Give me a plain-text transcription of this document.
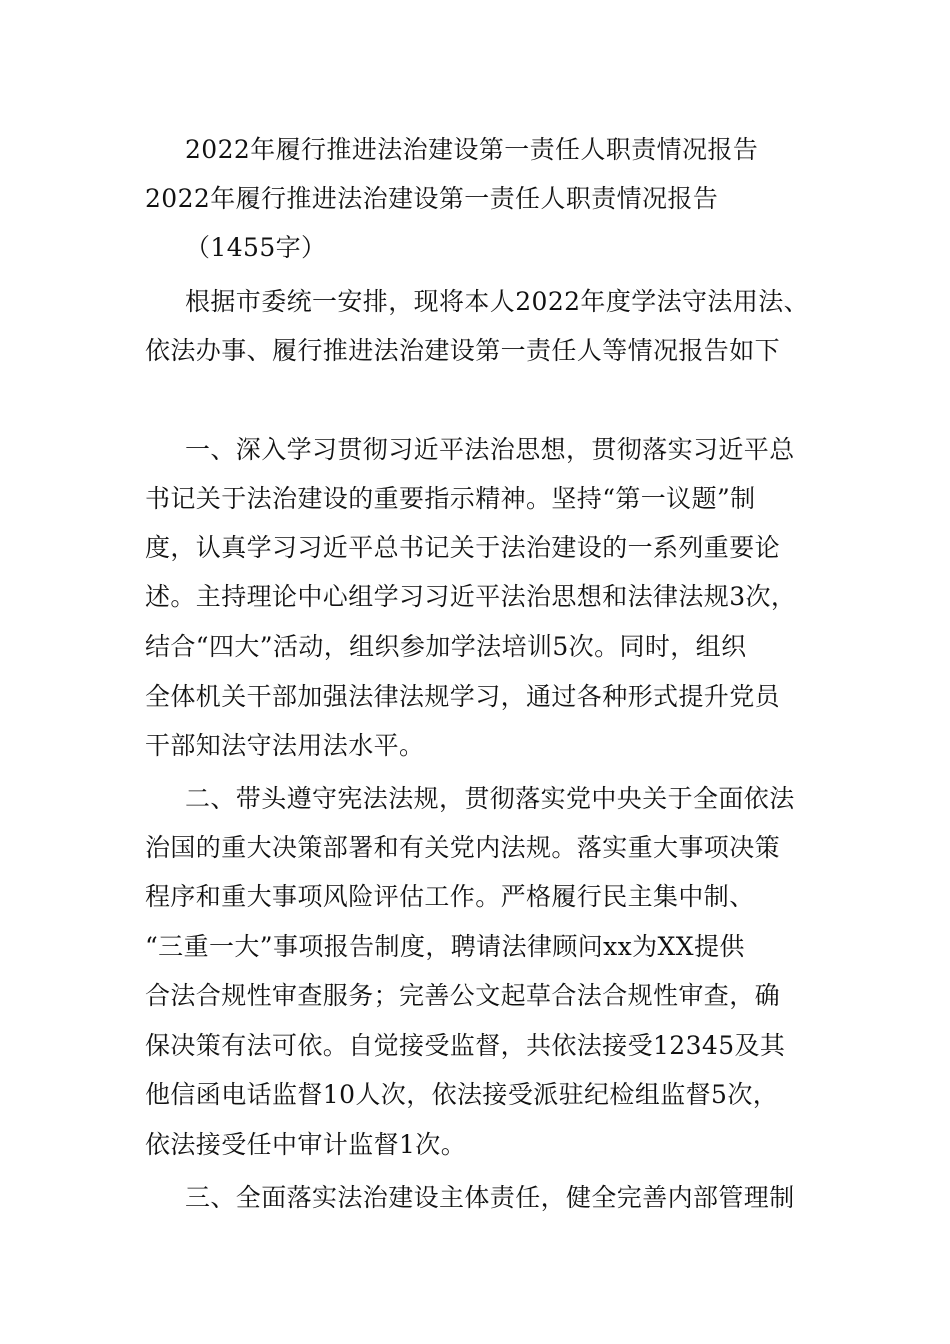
2022年履行推进法治建设第一责任人职责情况报告
2022年履行推进法治建设第一责任人职责情况报告
（1455字）
根据市委统一安排，现将本人2022年度学法守法用法、
依法办事、履行推进法治建设第一责任人等情况报告如下
一、深入学习贯彻习近平法治思想，贯彻落实习近平总
书记关于法治建设的重要指示精神。坚持“第一议题”制
度，认真学习习近平总书记关于法治建设的一系列重要论
述。主持理论中心组学习习近平法治思想和法律法规3次，
结合“四大”活动，组织参加学法培训5次。同时，组织
全体机关干部加强法律法规学习，通过各种形式提升党员
干部知法守法用法水平。
二、带头遵守宪法法规，贯彻落实党中央关于全面依法
治国的重大决策部署和有关党内法规。落实重大事项决策
程序和重大事项风险评估工作。严格履行民主集中制、
“三重一大”事项报告制度，聘请法律顾问xx为XX提供
合法合规性审查服务；完善公文起草合法合规性审查，确
保决策有法可依。自觉接受监督，共依法接受12345及其
他信函电话监督10人次，依法接受派驻纪检组监督5次，
依法接受任中审计监督1次。
三、全面落实法治建设主体责任，健全完善内部管理制
